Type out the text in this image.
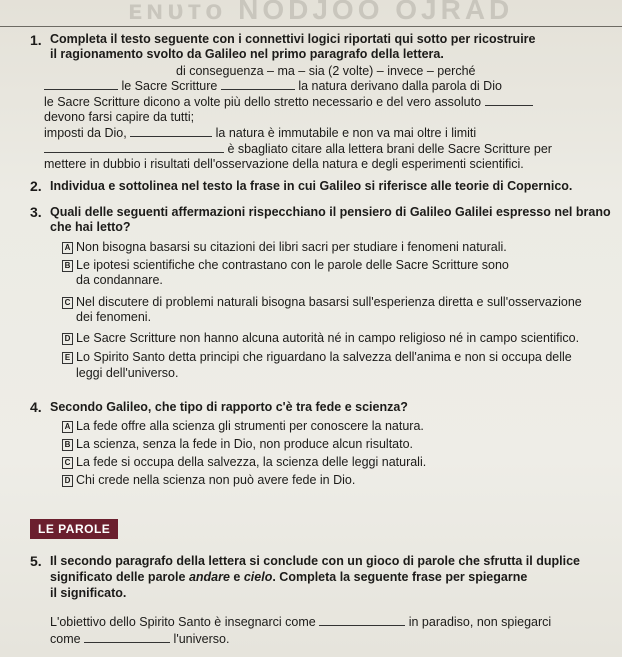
ᴇɴᴜᴛᴏ NODJOO OJRAD
1. Completa il testo seguente con i connettivi logici riportati qui sotto per ricostruire
il ragionamento svolto da Galileo nel primo paragrafo della lettera.
di conseguenza – ma – sia (2 volte) – invece – perché
le Sacre Scritture	la natura derivano dalla parola di Dio
le Sacre Scritture dicono a volte più dello stretto necessario e del vero assoluto
devono farsi capire da tutti;
imposti da Dio,	la natura è immutabile e non va mai oltre i limiti
è sbagliato citare alla lettera brani delle Sacre Scritture per
mettere in dubbio i risultati dell'osservazione della natura e degli esperimenti scientifici.
2. Individua e sottolinea nel testo la frase in cui Galileo si riferisce alle teorie di Copernico.
3. Quali delle seguenti affermazioni rispecchiano il pensiero di Galileo Galilei espresso nel brano
che hai letto?
A Non bisogna basarsi su citazioni dei libri sacri per studiare i fenomeni naturali.
B Le ipotesi scientifiche che contrastano con le parole delle Sacre Scritture sono
da condannare.
C Nel discutere di problemi naturali bisogna basarsi sull'esperienza diretta e sull'osservazione
dei fenomeni.
D Le Sacre Scritture non hanno alcuna autorità né in campo religioso né in campo scientifico.
E Lo Spirito Santo detta principi che riguardano la salvezza dell'anima e non si occupa delle
leggi dell'universo.
4. Secondo Galileo, che tipo di rapporto c'è tra fede e scienza?
A La fede offre alla scienza gli strumenti per conoscere la natura.
B La scienza, senza la fede in Dio, non produce alcun risultato.
C La fede si occupa della salvezza, la scienza delle leggi naturali.
D Chi crede nella scienza non può avere fede in Dio.
LE PAROLE
5. Il secondo paragrafo della lettera si conclude con un gioco di parole che sfrutta il duplice
significato delle parole andare e cielo. Completa la seguente frase per spiegarne
il significato.
L'obiettivo dello Spirito Santo è insegnarci come	in paradiso, non spiegarci
come	l'universo.
